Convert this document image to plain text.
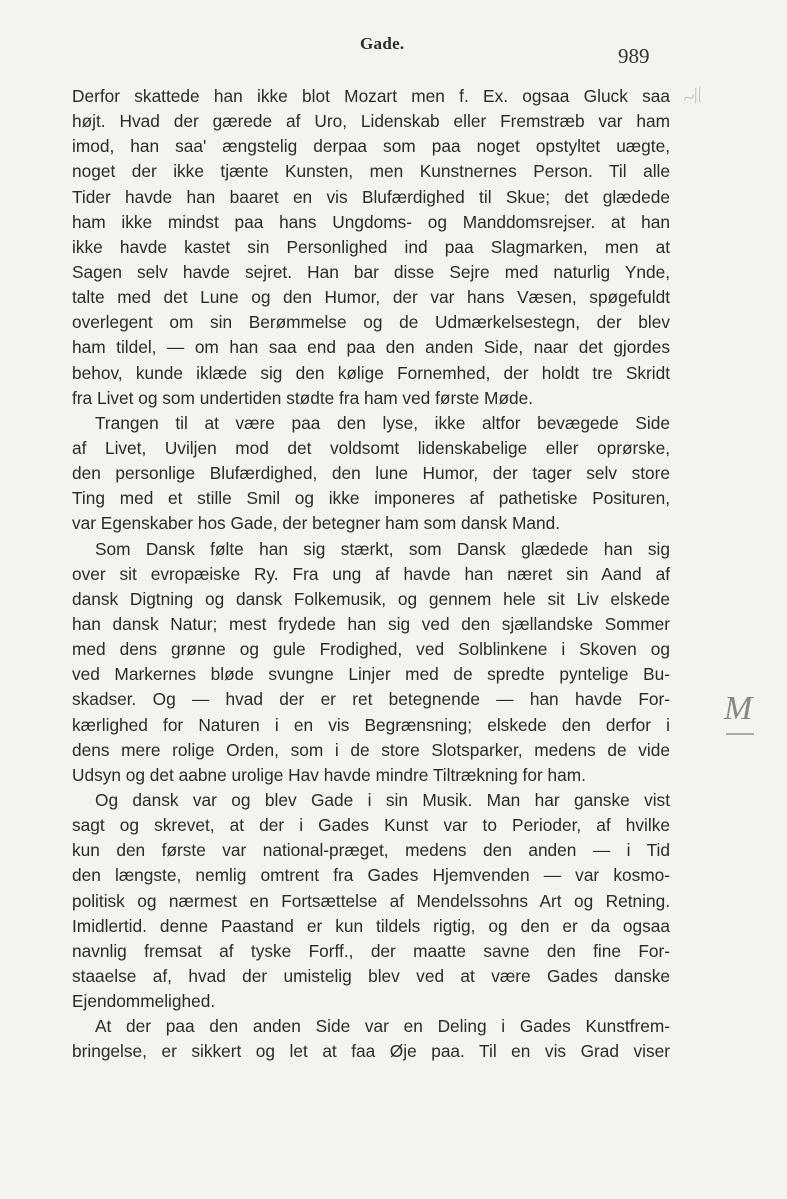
Gade.
989
~//
M
Derfor skattede han ikke blot Mozart men f. Ex. ogsaa Gluck saa
højt. Hvad der gærede af Uro, Lidenskab eller Fremstræb var ham
imod, han saa' ængstelig derpaa som paa noget opstyltet uægte,
noget der ikke tjænte Kunsten, men Kunstnernes Person. Til alle
Tider havde han baaret en vis Blufærdighed til Skue; det glædede
ham ikke mindst paa hans Ungdoms- og Manddomsrejser. at han
ikke havde kastet sin Personlighed ind paa Slagmarken, men at
Sagen selv havde sejret. Han bar disse Sejre med naturlig Ynde,
talte med det Lune og den Humor, der var hans Væsen, spøgefuldt
overlegent om sin Berømmelse og de Udmærkelsestegn, der blev
ham tildel, — om han saa end paa den anden Side, naar det gjordes
behov, kunde iklæde sig den kølige Fornemhed, der holdt tre Skridt
fra Livet og som undertiden stødte fra ham ved første Møde.
Trangen til at være paa den lyse, ikke altfor bevægede Side
af Livet, Uviljen mod det voldsomt lidenskabelige eller oprørske,
den personlige Blufærdighed, den lune Humor, der tager selv store
Ting med et stille Smil og ikke imponeres af pathetiske Posituren,
var Egenskaber hos Gade, der betegner ham som dansk Mand.
Som Dansk følte han sig stærkt, som Dansk glædede han sig
over sit evropæiske Ry. Fra ung af havde han næret sin Aand af
dansk Digtning og dansk Folkemusik, og gennem hele sit Liv elskede
han dansk Natur; mest frydede han sig ved den sjællandske Sommer
med dens grønne og gule Frodighed, ved Solblinkene i Skoven og
ved Markernes bløde svungne Linjer med de spredte pyntelige Bu-
skadser. Og — hvad der er ret betegnende — han havde For-
kærlighed for Naturen i en vis Begrænsning; elskede den derfor i
dens mere rolige Orden, som i de store Slotsparker, medens de vide
Udsyn og det aabne urolige Hav havde mindre Tiltrækning for ham.
Og dansk var og blev Gade i sin Musik. Man har ganske vist
sagt og skrevet, at der i Gades Kunst var to Perioder, af hvilke
kun den første var national-præget, medens den anden — i Tid
den længste, nemlig omtrent fra Gades Hjemvenden — var kosmo-
politisk og nærmest en Fortsættelse af Mendelssohns Art og Retning.
Imidlertid. denne Paastand er kun tildels rigtig, og den er da ogsaa
navnlig fremsat af tyske Forff., der maatte savne den fine For-
staaelse af, hvad der umistelig blev ved at være Gades danske
Ejendommelighed.
At der paa den anden Side var en Deling i Gades Kunstfrem-
bringelse, er sikkert og let at faa Øje paa. Til en vis Grad viser
